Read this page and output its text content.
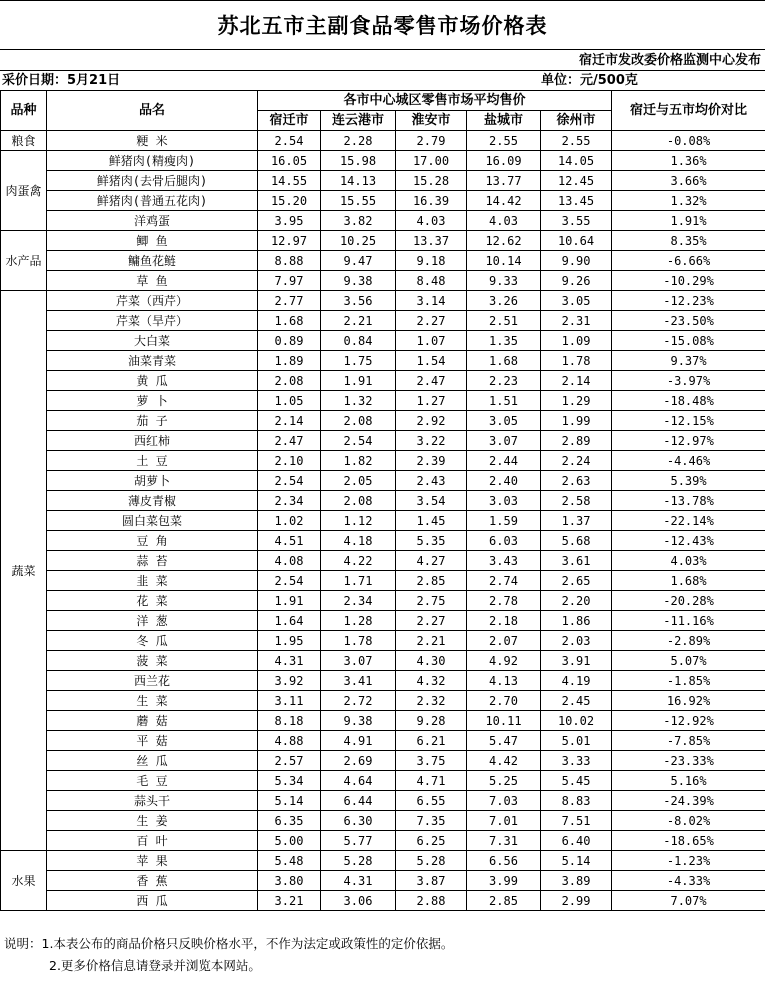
苏北五市主副食品零售市场价格表
宿迁市发改委价格监测中心发布
采价日期：5月21日	单位：元/500克
品种	品名	各市中心城区零售市场平均售价					宿迁与五市均价对比
		宿迁市	连云港市	淮安市	盐城市	徐州市	
粮食	粳 米	2.54	2.28	2.79	2.55	2.55	-0.08%
肉蛋禽	鲜猪肉(精瘦肉)	16.05	15.98	17.00	16.09	14.05	1.36%
	鲜猪肉(去骨后腿肉)	14.55	14.13	15.28	13.77	12.45	3.66%
	鲜猪肉(普通五花肉)	15.20	15.55	16.39	14.42	13.45	1.32%
	洋鸡蛋	3.95	3.82	4.03	4.03	3.55	1.91%
水产品	鲫 鱼	12.97	10.25	13.37	12.62	10.64	8.35%
	鳙鱼花鲢	8.88	9.47	9.18	10.14	9.90	-6.66%
	草 鱼	7.97	9.38	8.48	9.33	9.26	-10.29%
蔬菜	芹菜（西芹）	2.77	3.56	3.14	3.26	3.05	-12.23%
	芹菜（旱芹）	1.68	2.21	2.27	2.51	2.31	-23.50%
	大白菜	0.89	0.84	1.07	1.35	1.09	-15.08%
	油菜青菜	1.89	1.75	1.54	1.68	1.78	9.37%
	黄 瓜	2.08	1.91	2.47	2.23	2.14	-3.97%
	萝 卜	1.05	1.32	1.27	1.51	1.29	-18.48%
	茄 子	2.14	2.08	2.92	3.05	1.99	-12.15%
	西红柿	2.47	2.54	3.22	3.07	2.89	-12.97%
	土 豆	2.10	1.82	2.39	2.44	2.24	-4.46%
	胡萝卜	2.54	2.05	2.43	2.40	2.63	5.39%
	薄皮青椒	2.34	2.08	3.54	3.03	2.58	-13.78%
	圆白菜包菜	1.02	1.12	1.45	1.59	1.37	-22.14%
	豆 角	4.51	4.18	5.35	6.03	5.68	-12.43%
	蒜 苔	4.08	4.22	4.27	3.43	3.61	4.03%
	韭 菜	2.54	1.71	2.85	2.74	2.65	1.68%
	花 菜	1.91	2.34	2.75	2.78	2.20	-20.28%
	洋 葱	1.64	1.28	2.27	2.18	1.86	-11.16%
	冬 瓜	1.95	1.78	2.21	2.07	2.03	-2.89%
	菠 菜	4.31	3.07	4.30	4.92	3.91	5.07%
	西兰花	3.92	3.41	4.32	4.13	4.19	-1.85%
	生 菜	3.11	2.72	2.32	2.70	2.45	16.92%
	蘑 菇	8.18	9.38	9.28	10.11	10.02	-12.92%
	平 菇	4.88	4.91	6.21	5.47	5.01	-7.85%
	丝 瓜	2.57	2.69	3.75	4.42	3.33	-23.33%
	毛 豆	5.34	4.64	4.71	5.25	5.45	5.16%
	蒜头干	5.14	6.44	6.55	7.03	8.83	-24.39%
	生 姜	6.35	6.30	7.35	7.01	7.51	-8.02%
	百 叶	5.00	5.77	6.25	7.31	6.40	-18.65%
水果	苹 果	5.48	5.28	5.28	6.56	5.14	-1.23%
	香 蕉	3.80	4.31	3.87	3.99	3.89	-4.33%
	西 瓜	3.21	3.06	2.88	2.85	2.99	7.07%
说明：1.本表公布的商品价格只反映价格水平，不作为法定或政策性的定价依据。
2.更多价格信息请登录并浏览本网站。
